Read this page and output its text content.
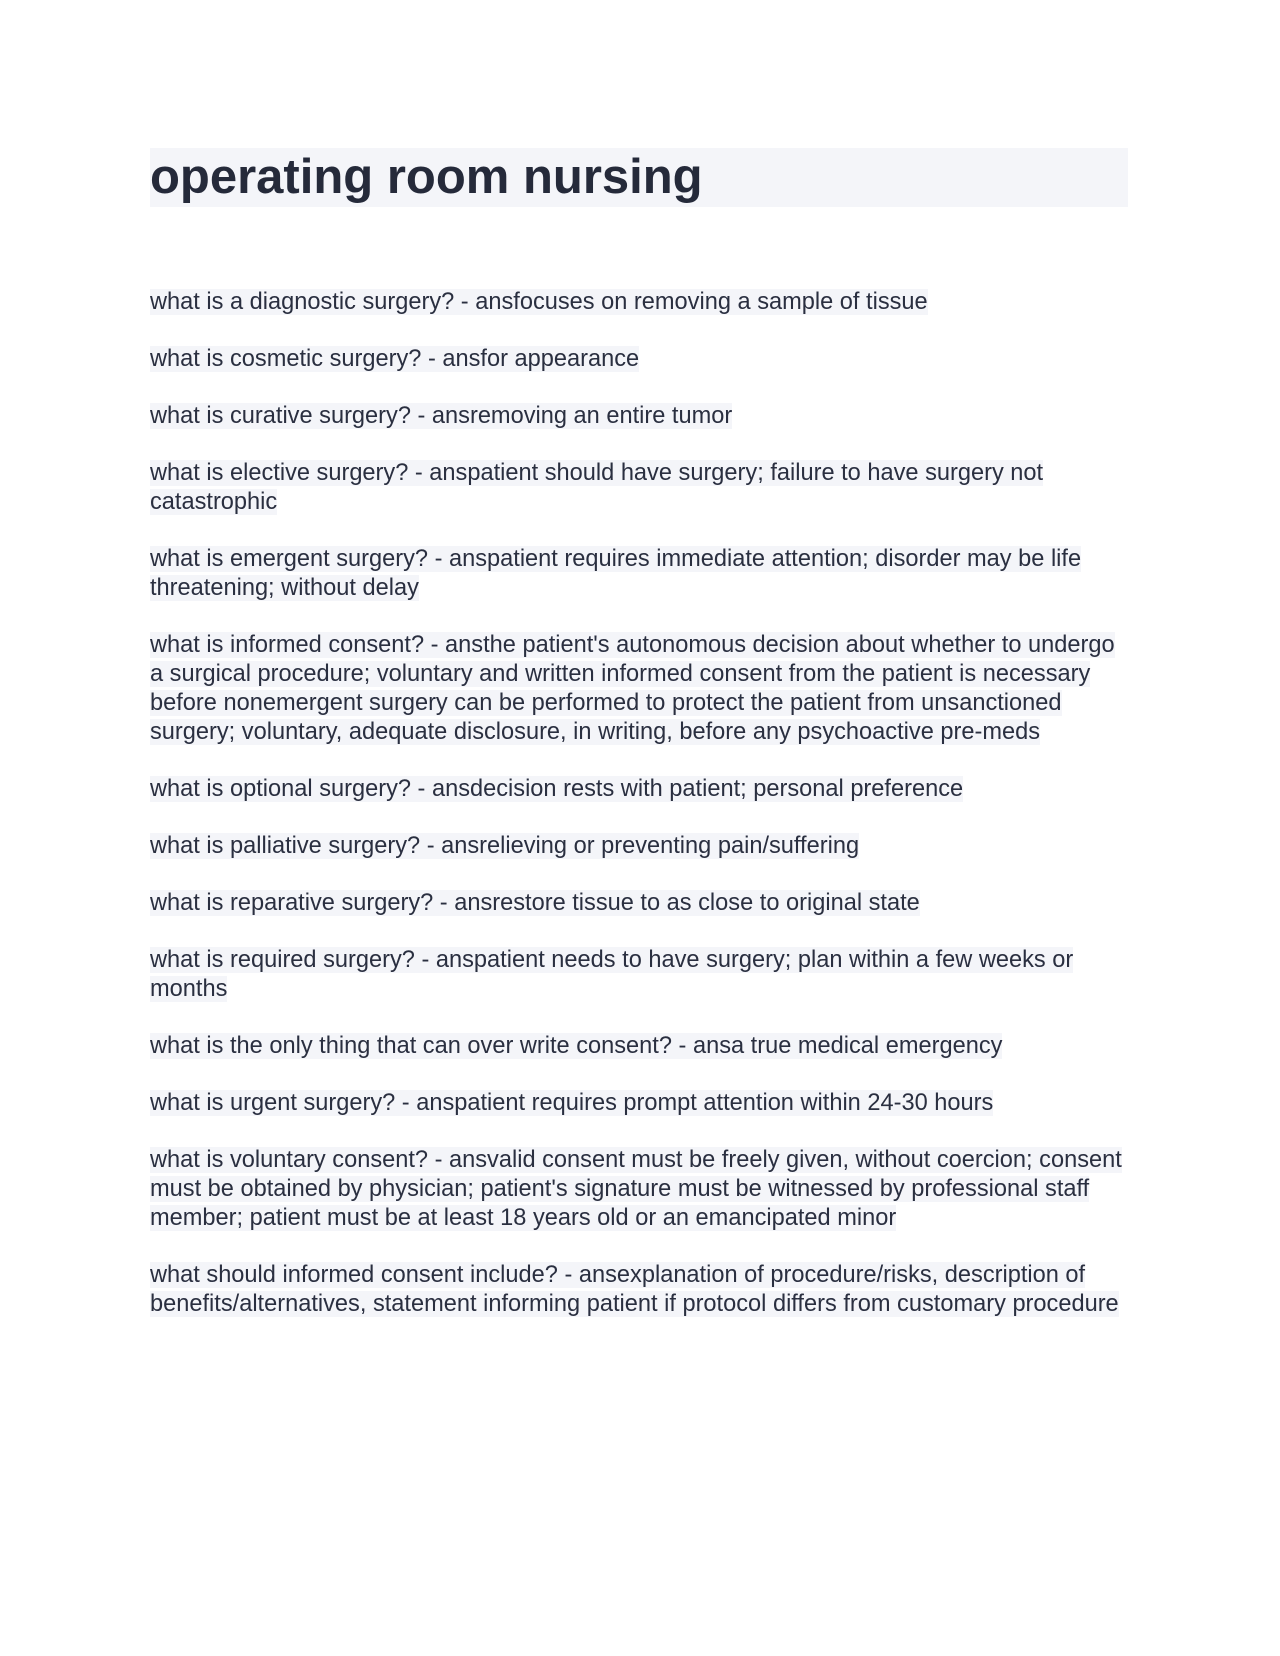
operating room nursing

what is a diagnostic surgery? - ansfocuses on removing a sample of tissue

what is cosmetic surgery? - ansfor appearance

what is curative surgery? - ansremoving an entire tumor

what is elective surgery? - anspatient should have surgery; failure to have surgery not catastrophic

what is emergent surgery? - anspatient requires immediate attention; disorder may be life threatening; without delay

what is informed consent? - ansthe patient's autonomous decision about whether to undergo a surgical procedure; voluntary and written informed consent from the patient is necessary before nonemergent surgery can be performed to protect the patient from unsanctioned surgery; voluntary, adequate disclosure, in writing, before any psychoactive pre-meds

what is optional surgery? - ansdecision rests with patient; personal preference

what is palliative surgery? - ansrelieving or preventing pain/suffering

what is reparative surgery? - ansrestore tissue to as close to original state

what is required surgery? - anspatient needs to have surgery; plan within a few weeks or months

what is the only thing that can over write consent? - ansa true medical emergency

what is urgent surgery? - anspatient requires prompt attention within 24-30 hours

what is voluntary consent? - ansvalid consent must be freely given, without coercion; consent must be obtained by physician; patient's signature must be witnessed by professional staff member; patient must be at least 18 years old or an emancipated minor

what should informed consent include? - ansexplanation of procedure/risks, description of benefits/alternatives, statement informing patient if protocol differs from customary procedure
